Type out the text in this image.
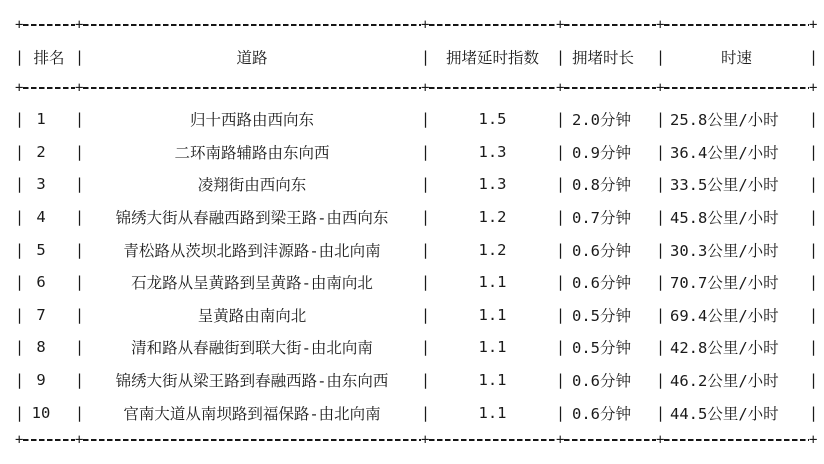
+	+	+	+	+	+
| 排名 |	道路	|	拥堵延时指数	| 拥堵时长	|	时速	|
+	+	+	+	+	+
| 1	|	归十西路由西向东	|	1.5	| 2.0分钟	| 25.8公里/小时	|
| 2	|	二环南路辅路由东向西	|	1.3	| 0.9分钟	| 36.4公里/小时	|
| 3	|	凌翔街由西向东	|	1.3	| 0.8分钟	| 33.5公里/小时	|
| 4	|	锦绣大街从春融西路到梁王路-由西向东	|	1.2	| 0.7分钟	| 45.8公里/小时	|
| 5	|	青松路从茨坝北路到沣源路-由北向南	|	1.2	| 0.6分钟	| 30.3公里/小时	|
| 6	|	石龙路从呈黄路到呈黄路-由南向北	|	1.1	| 0.6分钟	| 70.7公里/小时	|
| 7	|	呈黄路由南向北	|	1.1	| 0.5分钟	| 69.4公里/小时	|
| 8	|	清和路从春融街到联大街-由北向南	|	1.1	| 0.5分钟	| 42.8公里/小时	|
| 9	|	锦绣大街从梁王路到春融西路-由东向西	|	1.1	| 0.6分钟	| 46.2公里/小时	|
| 10	|	官南大道从南坝路到福保路-由北向南	|	1.1	| 0.6分钟	| 44.5公里/小时	|
+	+	+	+	+	+
